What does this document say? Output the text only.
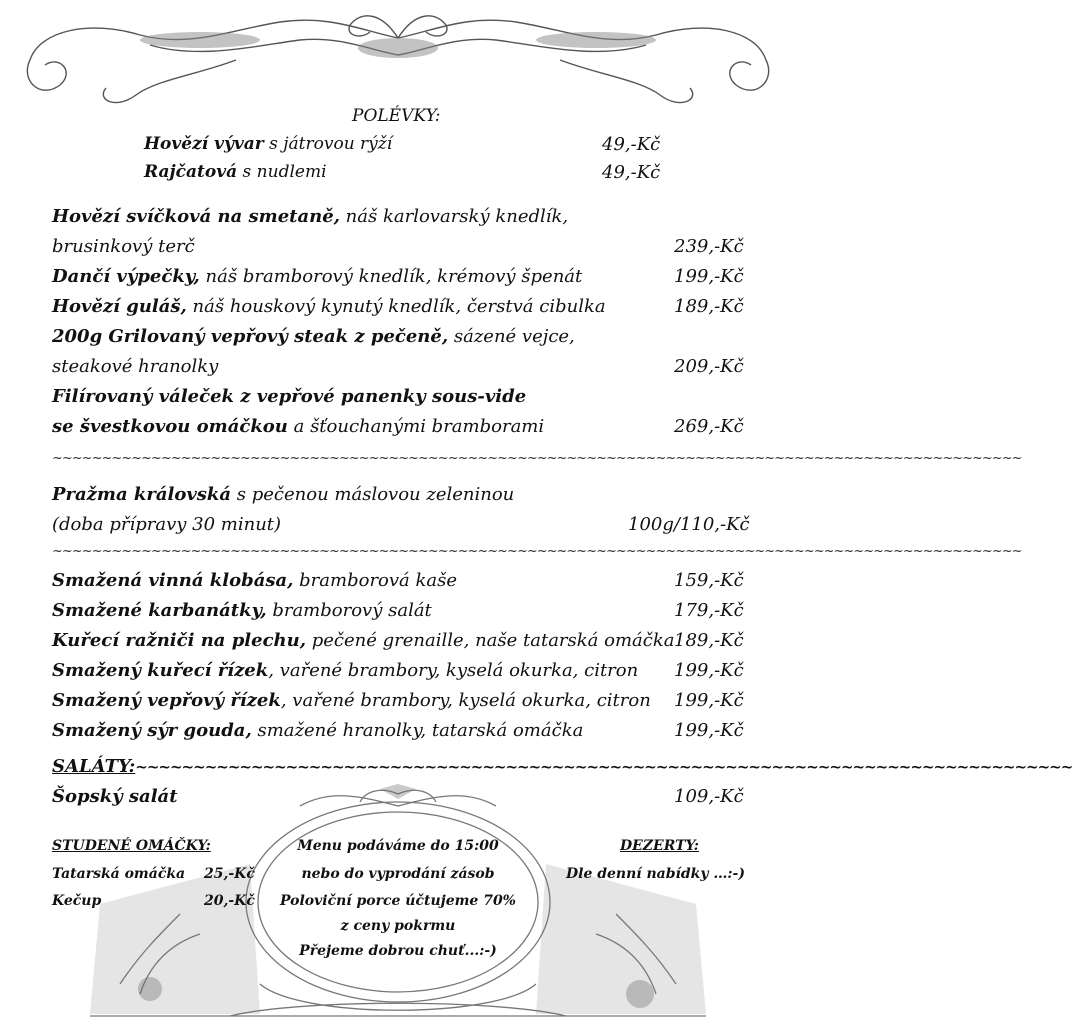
POLÉVKY:
Hovězí vývar s játrovou rýží	49,-Kč
Rajčatová s nudlemi	49,-Kč
Hovězí svíčková na smetaně, náš karlovarský knedlík,
brusinkový terč	239,-Kč
Dančí výpečky, náš bramborový knedlík, krémový špenát	199,-Kč
Hovězí guláš, náš houskový kynutý knedlík, čerstvá cibulka	189,-Kč
200g Grilovaný vepřový steak z pečeně, sázené vejce,
steakové hranolky	209,-Kč
Filírovaný váleček z vepřové panenky sous-vide
se švestkovou omáčkou a šťouchanými bramborami	269,-Kč
~~~~~~~~~~~~~~~~~~~~~~~~~~~~~~~~~~~~~~~~~~~~~~~~~~~~~~~~~~~~~~~~~~~~~~~~~~~~~~~~~~~~~~~~~~~~~~~~~~
Pražma královská s pečenou máslovou zeleninou
(doba přípravy 30 minut)	100g/110,-Kč
~~~~~~~~~~~~~~~~~~~~~~~~~~~~~~~~~~~~~~~~~~~~~~~~~~~~~~~~~~~~~~~~~~~~~~~~~~~~~~~~~~~~~~~~~~~~~~~~~~
Smažená vinná klobása, bramborová kaše	159,-Kč
Smažené karbanátky, bramborový salát	179,-Kč
Kuřecí ražniči na plechu, pečené grenaille, naše tatarská omáčka 189,-Kč
Smažený kuřecí řízek, vařené brambory, kyselá okurka, citron 199,-Kč
Smažený vepřový řízek, vařené brambory, kyselá okurka, citron 199,-Kč
Smažený sýr gouda, smažené hranolky, tatarská omáčka	199,-Kč
SALÁTY:~~~~~~~~~~~~~~~~~~~~~~~~~~~~~~~~~~~~~~~~~~~~~~~~~~~~~~~~~~~~~~~~~~~~~~~~~~~~~~~~~
Šopský salát	109,-Kč
STUDENÉ OMÁČKY:
Tatarská omáčka 25,-Kč
Kečup	20,-Kč
Menu podáváme do 15:00
nebo do vyprodání zásob
Poloviční porce účtujeme 70%
z ceny pokrmu
Přejeme dobrou chuť...:-)
DEZERTY:
Dle denní nabídky …:-)
